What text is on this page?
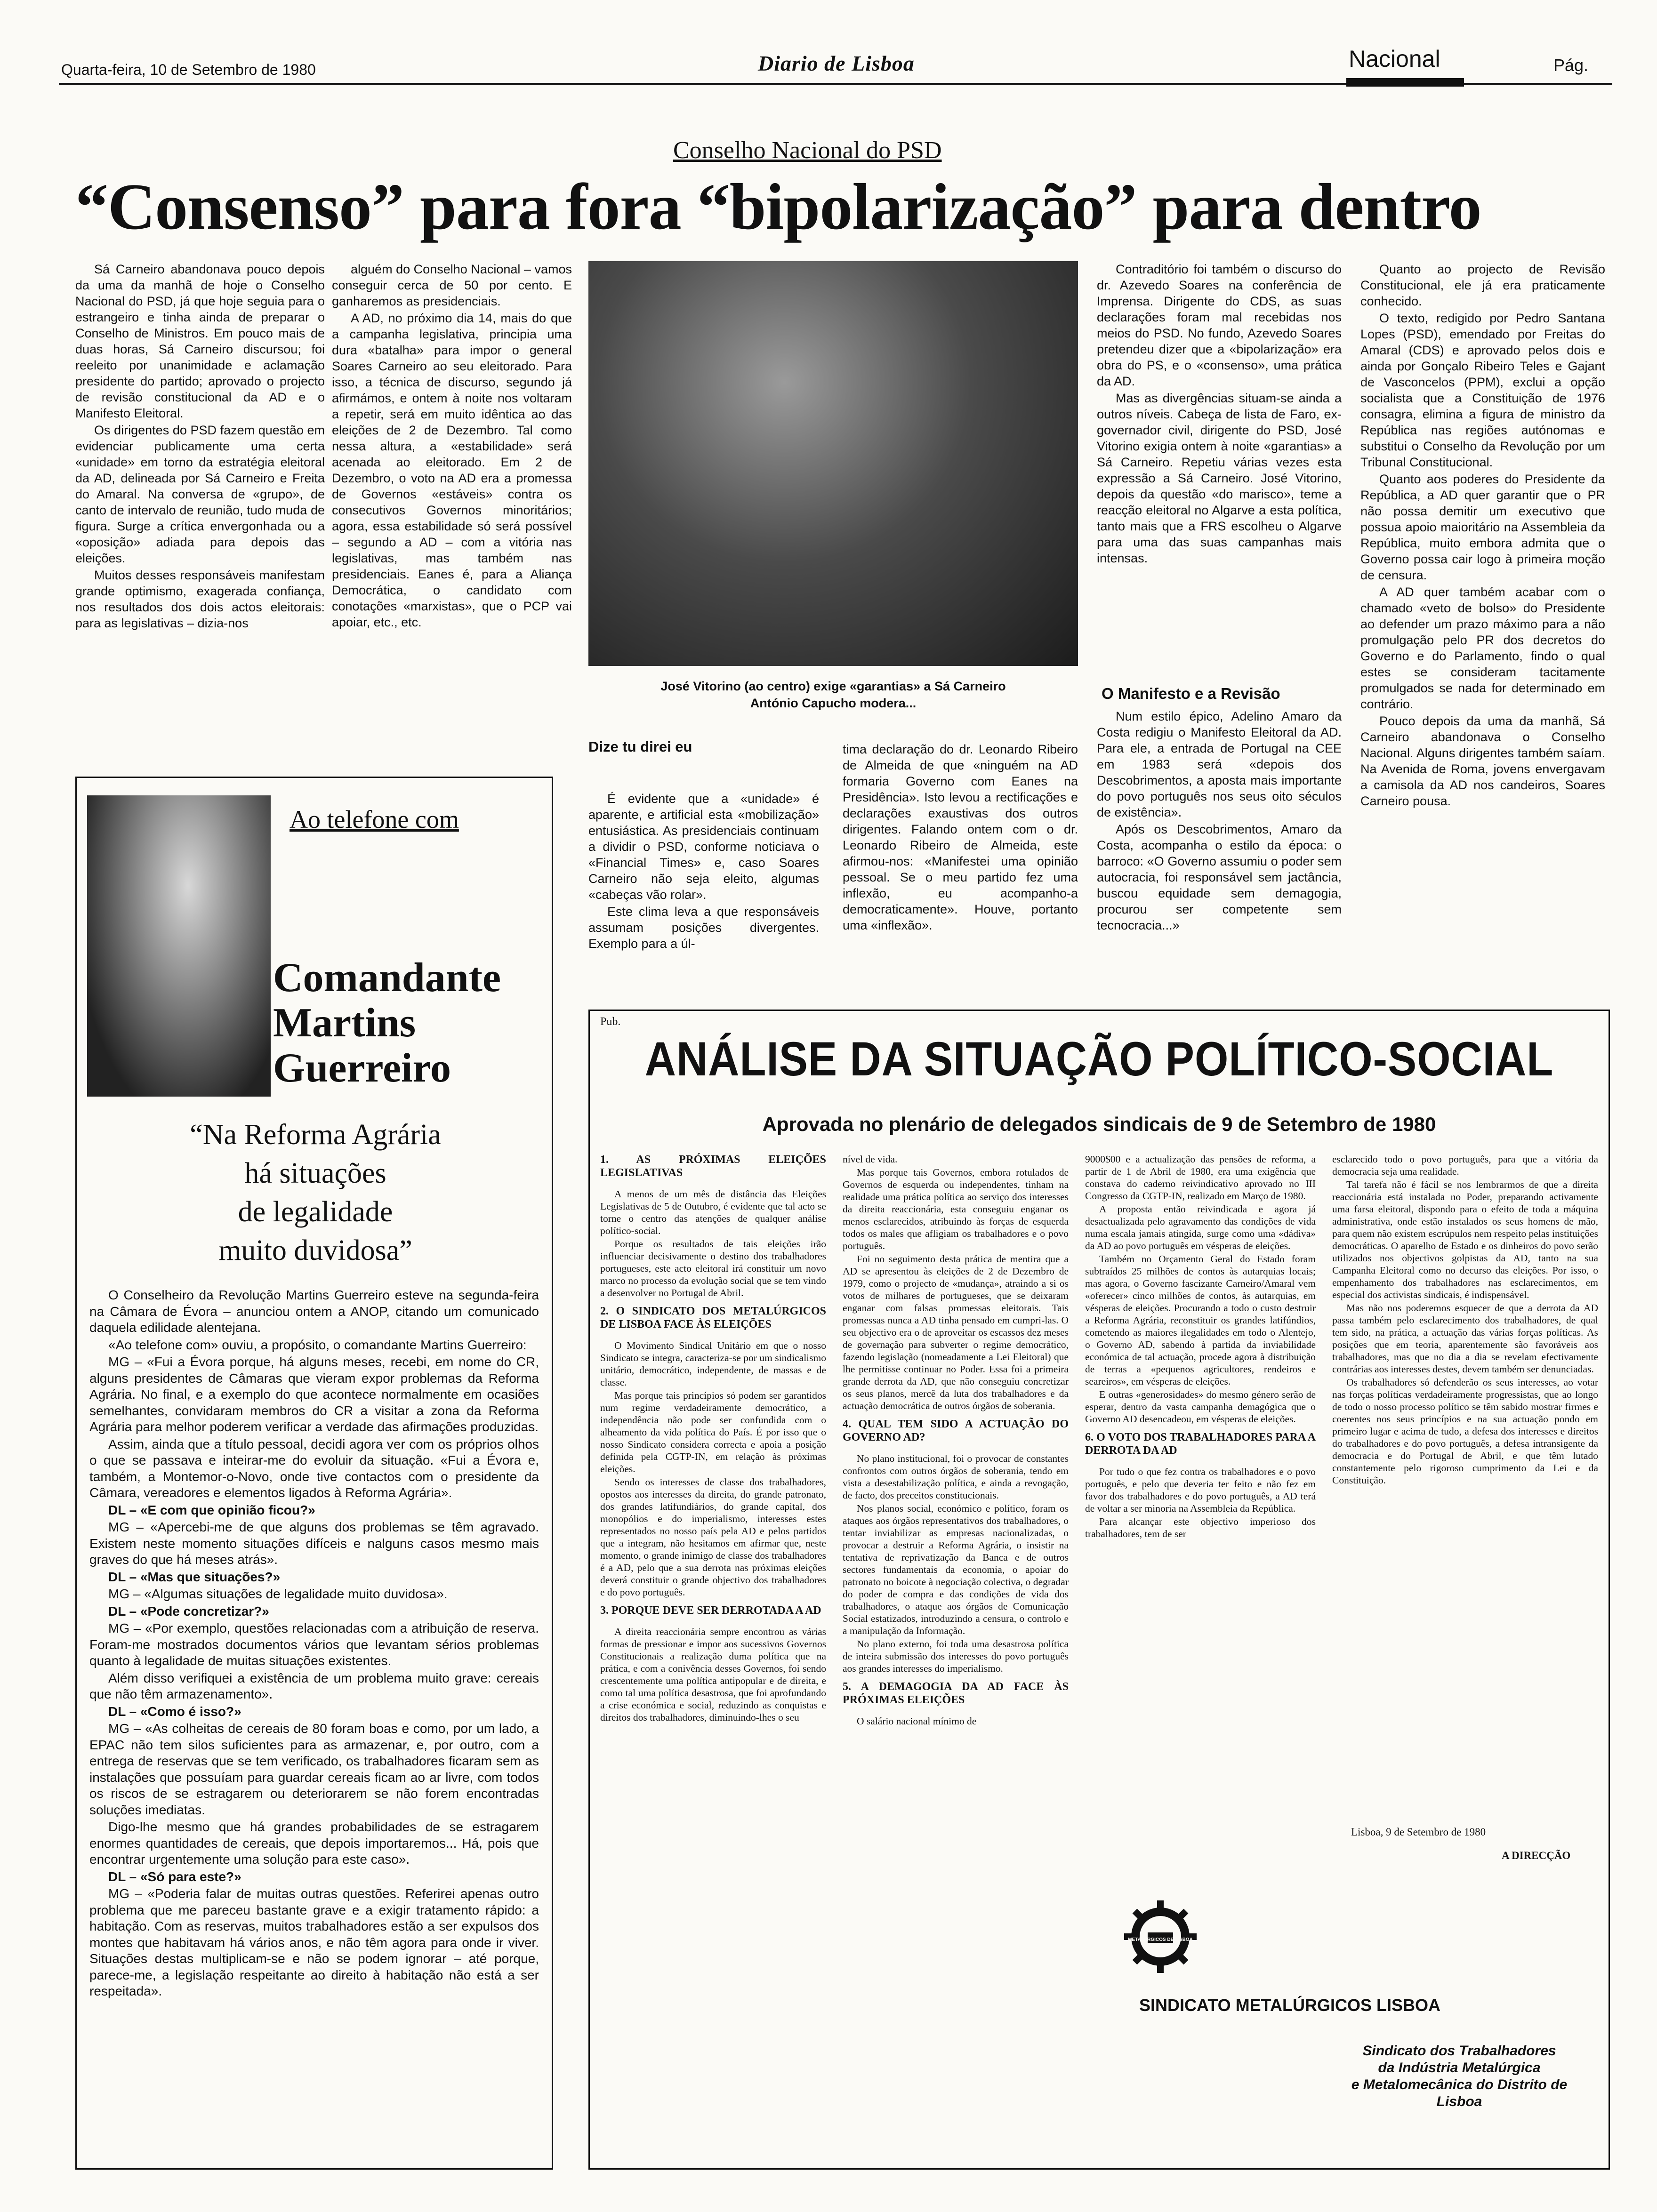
Quarta-feira, 10 de Setembro de 1980	Diario de Lisboa	Nacional	Pág.
Conselho Nacional do PSD
“Consenso” para fora “bipolarização” para dentro

Sá Carneiro abandonava pouco depois da uma da manhã de hoje o Conselho Nacional do PSD, já que hoje seguia para o estrangeiro e tinha ainda de preparar o Conselho de Ministros. Em pouco mais de duas horas, Sá Carneiro discursou; foi reeleito por unanimidade e aclamação presidente do partido; aprovado o projecto de revisão constitucional da AD e o Manifesto Eleitoral.

Os dirigentes do PSD fazem questão em evidenciar publicamente uma certa «unidade» em torno da estratégia eleitoral da AD, delineada por Sá Carneiro e Freita do Amaral. Na conversa de «grupo», de canto de intervalo de reunião, tudo muda de figura. Surge a crítica envergonhada ou a «oposição» adiada para depois das eleições.

Muitos desses responsáveis manifestam grande optimismo, exagerada confiança, nos resultados dos dois actos eleitorais: para as legislativas – dizia-nos

alguém do Conselho Nacional – vamos conseguir cerca de 50 por cento. E ganharemos as presidenciais.

A AD, no próximo dia 14, mais do que a campanha legislativa, principia uma dura «batalha» para impor o general Soares Carneiro ao seu eleitorado. Para isso, a técnica de discurso, segundo já afirmámos, e ontem à noite nos voltaram a repetir, será em muito idêntica ao das eleições de 2 de Dezembro. Tal como nessa altura, a «estabilidade» será acenada ao eleitorado. Em 2 de Dezembro, o voto na AD era a promessa de Governos «estáveis» contra os consecutivos Governos minoritários; agora, essa estabilidade só será possível – segundo a AD – com a vitória nas legislativas, mas também nas presidenciais. Eanes é, para a Aliança Democrática, o candidato com conotações «marxistas», que o PCP vai apoiar, etc., etc.

José Vitorino (ao centro) exige «garantias» a Sá Carneiro
António Capucho modera...
Dize tu direi eu

É evidente que a «unidade» é aparente, e artificial esta «mobilização» entusiástica. As presidenciais continuam a dividir o PSD, conforme noticiava o «Financial Times» e, caso Soares Carneiro não seja eleito, algumas «cabeças vão rolar».

Este clima leva a que responsáveis assumam posições divergentes. Exemplo para a úl-

tima declaração do dr. Leonardo Ribeiro de Almeida de que «ninguém na AD formaria Governo com Eanes na Presidência». Isto levou a rectificações e declarações exaustivas dos outros dirigentes. Falando ontem com o dr. Leonardo Ribeiro de Almeida, este afirmou-nos: «Manifestei uma opinião pessoal. Se o meu partido fez uma inflexão, eu acompanho-a democraticamente». Houve, portanto uma «inflexão».

Contraditório foi também o discurso do dr. Azevedo Soares na conferência de Imprensa. Dirigente do CDS, as suas declarações foram mal recebidas nos meios do PSD. No fundo, Azevedo Soares pretendeu dizer que a «bipolarização» era obra do PS, e o «consenso», uma prática da AD.

Mas as divergências situam-se ainda a outros níveis. Cabeça de lista de Faro, ex-governador civil, dirigente do PSD, José Vitorino exigia ontem à noite «garantias» a Sá Carneiro. Repetiu várias vezes esta expressão a Sá Carneiro. José Vitorino, depois da questão «do marisco», teme a reacção eleitoral no Algarve a esta política, tanto mais que a FRS escolheu o Algarve para uma das suas campanhas mais intensas.

O Manifesto e a Revisão

Num estilo épico, Adelino Amaro da Costa redigiu o Manifesto Eleitoral da AD. Para ele, a entrada de Portugal na CEE em 1983 será «depois dos Descobrimentos, a aposta mais importante do povo português nos seus oito séculos de existência».

Após os Descobrimentos, Amaro da Costa, acompanha o estilo da época: o barroco: «O Governo assumiu o poder sem autocracia, foi responsável sem jactância, buscou equidade sem demagogia, procurou ser competente sem tecnocracia...»

Quanto ao projecto de Revisão Constitucional, ele já era praticamente conhecido.

O texto, redigido por Pedro Santana Lopes (PSD), emendado por Freitas do Amaral (CDS) e aprovado pelos dois e ainda por Gonçalo Ribeiro Teles e Gajant de Vasconcelos (PPM), exclui a opção socialista que a Constituição de 1976 consagra, elimina a figura de ministro da República nas regiões autónomas e substitui o Conselho da Revolução por um Tribunal Constitucional.

Quanto aos poderes do Presidente da República, a AD quer garantir que o PR não possa demitir um executivo que possua apoio maioritário na Assembleia da República, muito embora admita que o Governo possa cair logo à primeira moção de censura.

A AD quer também acabar com o chamado «veto de bolso» do Presidente ao defender um prazo máximo para a não promulgação pelo PR dos decretos do Governo e do Parlamento, findo o qual estes se consideram tacitamente promulgados se nada for determinado em contrário.

Pouco depois da uma da manhã, Sá Carneiro abandonava o Conselho Nacional. Alguns dirigentes também saíam. Na Avenida de Roma, jovens envergavam a camisola da AD nos candeiros, Soares Carneiro pousa.

Ao telefone com
Comandante
Martins
Guerreiro
“Na Reforma Agrária
há situações
de legalidade
muito duvidosa”

O Conselheiro da Revolução Martins Guerreiro esteve na segunda-feira na Câmara de Évora – anunciou ontem a ANOP, citando um comunicado daquela edilidade alentejana.

«Ao telefone com» ouviu, a propósito, o comandante Martins Guerreiro:

MG – «Fui a Évora porque, há alguns meses, recebi, em nome do CR, alguns presidentes de Câmaras que vieram expor problemas da Reforma Agrária. No final, e a exemplo do que acontece normalmente em ocasiões semelhantes, convidaram membros do CR a visitar a zona da Reforma Agrária para melhor poderem verificar a verdade das afirmações produzidas.

Assim, ainda que a título pessoal, decidi agora ver com os próprios olhos o que se passava e inteirar-me do evoluir da situação. «Fui a Évora e, também, a Montemor-o-Novo, onde tive contactos com o presidente da Câmara, vereadores e elementos ligados à Reforma Agrária».

DL – «E com que opinião ficou?»

MG – «Apercebi-me de que alguns dos problemas se têm agravado. Existem neste momento situações difíceis e nalguns casos mesmo mais graves do que há meses atrás».

DL – «Mas que situações?»

MG – «Algumas situações de legalidade muito duvidosa».

DL – «Pode concretizar?»

MG – «Por exemplo, questões relacionadas com a atribuição de reserva. Foram-me mostrados documentos vários que levantam sérios problemas quanto à legalidade de muitas situações existentes.

Além disso verifiquei a existência de um problema muito grave: cereais que não têm armazenamento».

DL – «Como é isso?»

MG – «As colheitas de cereais de 80 foram boas e como, por um lado, a EPAC não tem silos suficientes para as armazenar, e, por outro, com a entrega de reservas que se tem verificado, os trabalhadores ficaram sem as instalações que possuíam para guardar cereais ficam ao ar livre, com todos os riscos de se estragarem ou deteriorarem se não forem encontradas soluções imediatas.

Digo-lhe mesmo que há grandes probabilidades de se estragarem enormes quantidades de cereais, que depois importaremos... Há, pois que encontrar urgentemente uma solução para este caso».

DL – «Só para este?»

MG – «Poderia falar de muitas outras questões. Referirei apenas outro problema que me pareceu bastante grave e a exigir tratamento rápido: a habitação. Com as reservas, muitos trabalhadores estão a ser expulsos dos montes que habitavam há vários anos, e não têm agora para onde ir viver. Situações destas multiplicam-se e não se podem ignorar – até porque, parece-me, a legislação respeitante ao direito à habitação não está a ser respeitada».

Pub.
ANÁLISE DA SITUAÇÃO POLÍTICO-SOCIAL
Aprovada no plenário de delegados sindicais de 9 de Setembro de 1980
1. AS PRÓXIMAS ELEIÇÕES LEGISLATIVAS

A menos de um mês de distância das Eleições Legislativas de 5 de Outubro, é evidente que tal acto se torne o centro das atenções de qualquer análise político-social.

Porque os resultados de tais eleições irão influenciar decisivamente o destino dos trabalhadores portugueses, este acto eleitoral irá constituir um novo marco no processo da evolução social que se tem vindo a desenvolver no Portugal de Abril.

2. O SINDICATO DOS METALÚRGICOS DE LISBOA FACE ÀS ELEIÇÕES

O Movimento Sindical Unitário em que o nosso Sindicato se integra, caracteriza-se por um sindicalismo unitário, democrático, independente, de massas e de classe.

Mas porque tais princípios só podem ser garantidos num regime verdadeiramente democrático, a independência não pode ser confundida com o alheamento da vida política do País. É por isso que o nosso Sindicato considera correcta e apoia a posição definida pela CGTP-IN, em relação às próximas eleições.

Sendo os interesses de classe dos trabalhadores, opostos aos interesses da direita, do grande patronato, dos grandes latifundiários, do grande capital, dos monopólios e do imperialismo, interesses estes representados no nosso país pela AD e pelos partidos que a integram, não hesitamos em afirmar que, neste momento, o grande inimigo de classe dos trabalhadores é a AD, pelo que a sua derrota nas próximas eleições deverá constituir o grande objectivo dos trabalhadores e do povo português.

3. PORQUE DEVE SER DERROTADA A AD

A direita reaccionária sempre encontrou as várias formas de pressionar e impor aos sucessivos Governos Constitucionais a realização duma política que na prática, e com a conivência desses Governos, foi sendo crescentemente uma política antipopular e de direita, e como tal uma política desastrosa, que foi aprofundando a crise económica e social, reduzindo as conquistas e direitos dos trabalhadores, diminuindo-lhes o seu

nível de vida.

Mas porque tais Governos, embora rotulados de Governos de esquerda ou independentes, tinham na realidade uma prática política ao serviço dos interesses da direita reaccionária, esta conseguiu enganar os menos esclarecidos, atribuindo às forças de esquerda todos os males que afligiam os trabalhadores e o povo português.

Foi no seguimento desta prática de mentira que a AD se apresentou às eleições de 2 de Dezembro de 1979, como o projecto de «mudança», atraindo a si os votos de milhares de portugueses, que se deixaram enganar com falsas promessas eleitorais. Tais promessas nunca a AD tinha pensado em cumpri-las. O seu objectivo era o de aproveitar os escassos dez meses de governação para subverter o regime democrático, fazendo legislação (nomeadamente a Lei Eleitoral) que lhe permitisse continuar no Poder. Essa foi a primeira grande derrota da AD, que não conseguiu concretizar os seus planos, mercê da luta dos trabalhadores e da actuação democrática de outros órgãos de soberania.

4. QUAL TEM SIDO A ACTUAÇÃO DO GOVERNO AD?

No plano institucional, foi o provocar de constantes confrontos com outros órgãos de soberania, tendo em vista a desestabilização política, e ainda a revogação, de facto, dos preceitos constitucionais.

Nos planos social, económico e político, foram os ataques aos órgãos representativos dos trabalhadores, o tentar inviabilizar as empresas nacionalizadas, o provocar a destruir a Reforma Agrária, o insistir na tentativa de reprivatização da Banca e de outros sectores fundamentais da economia, o apoiar do patronato no boicote à negociação colectiva, o degradar do poder de compra e das condições de vida dos trabalhadores, o ataque aos órgãos de Comunicação Social estatizados, introduzindo a censura, o controlo e a manipulação da Informação.

No plano externo, foi toda uma desastrosa política de inteira submissão dos interesses do povo português aos grandes interesses do imperialismo.

5. A DEMAGOGIA DA AD FACE ÀS PRÓXIMAS ELEIÇÕES

O salário nacional mínimo de

9000$00 e a actualização das pensões de reforma, a partir de 1 de Abril de 1980, era uma exigência que constava do caderno reivindicativo aprovado no III Congresso da CGTP-IN, realizado em Março de 1980.

A proposta então reivindicada e agora já desactualizada pelo agravamento das condições de vida numa escala jamais atingida, surge como uma «dádiva» da AD ao povo português em vésperas de eleições.

Também no Orçamento Geral do Estado foram subtraídos 25 milhões de contos às autarquias locais; mas agora, o Governo fascizante Carneiro/Amaral vem «oferecer» cinco milhões de contos, às autarquias, em vésperas de eleições. Procurando a todo o custo destruir a Reforma Agrária, reconstituir os grandes latifúndios, cometendo as maiores ilegalidades em todo o Alentejo, o Governo AD, sabendo à partida da inviabilidade económica de tal actuação, procede agora à distribuição de terras a «pequenos agricultores, rendeiros e seareiros», em vésperas de eleições.

E outras «generosidades» do mesmo género serão de esperar, dentro da vasta campanha demagógica que o Governo AD desencadeou, em vésperas de eleições.

6. O VOTO DOS TRABALHADORES PARA A DERROTA DA AD

Por tudo o que fez contra os trabalhadores e o povo português, e pelo que deveria ter feito e não fez em favor dos trabalhadores e do povo português, a AD terá de voltar a ser minoria na Assembleia da República.

Para alcançar este objectivo imperioso dos trabalhadores, tem de ser

esclarecido todo o povo português, para que a vitória da democracia seja uma realidade.

Tal tarefa não é fácil se nos lembrarmos de que a direita reaccionária está instalada no Poder, preparando activamente uma farsa eleitoral, dispondo para o efeito de toda a máquina administrativa, onde estão instalados os seus homens de mão, para quem não existem escrúpulos nem respeito pelas instituições democráticas. O aparelho de Estado e os dinheiros do povo serão utilizados nos objectivos golpistas da AD, tanto na sua Campanha Eleitoral como no decurso das eleições. Por isso, o empenhamento dos trabalhadores nas esclarecimentos, em especial dos activistas sindicais, é indispensável.

Mas não nos poderemos esquecer de que a derrota da AD passa também pelo esclarecimento dos trabalhadores, de qual tem sido, na prática, a actuação das várias forças políticas. As posições que em teoria, aparentemente são favoráveis aos trabalhadores, mas que no dia a dia se revelam efectivamente contrárias aos interesses destes, devem também ser denunciadas.

Os trabalhadores só defenderão os seus interesses, ao votar nas forças políticas verdadeiramente progressistas, que ao longo de todo o nosso processo político se têm sabido mostrar firmes e coerentes nos seus princípios e na sua actuação pondo em primeiro lugar e acima de tudo, a defesa dos interesses e direitos do trabalhadores e do povo português, a defesa intransigente da democracia e do Portugal de Abril, e que têm lutado constantemente pelo rigoroso cumprimento da Lei e da Constituição.

Lisboa, 9 de Setembro de 1980
A DIRECÇÃO
METALÚRGICOS DE LISBOA
SINDICATO METALÚRGICOS LISBOA
Sindicato dos Trabalhadores
da Indústria Metalúrgica
e Metalomecânica do Distrito de Lisboa
